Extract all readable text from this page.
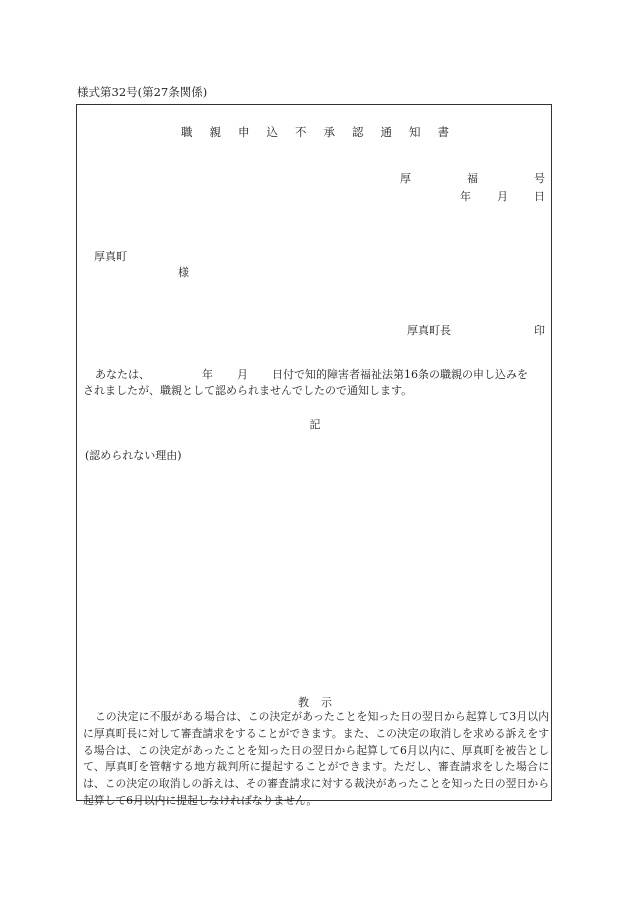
様式第32号(第27条関係)
職親申込不承認通知書
厚	福	号
年 月 日
厚真町
様
厚真町長	印

あなたは、	年 月 日付で知的障害者福祉法第16条の職親の申し込みを

されましたが、職親として認められませんでしたので通知します。

記
(認められない理由)
教示

この決定に不服がある場合は、この決定があったことを知った日の翌日から起算して3月以内に厚真町長に対して審査請求をすることができます。また、この決定の取消しを求める訴えをする場合は、この決定があったことを知った日の翌日から起算して6月以内に、厚真町を被告として、厚真町を管轄する地方裁判所に提起することができます。ただし、審査請求をした場合には、この決定の取消しの訴えは、その審査請求に対する裁決があったことを知った日の翌日から起算して6月以内に提起しなければなりません。
